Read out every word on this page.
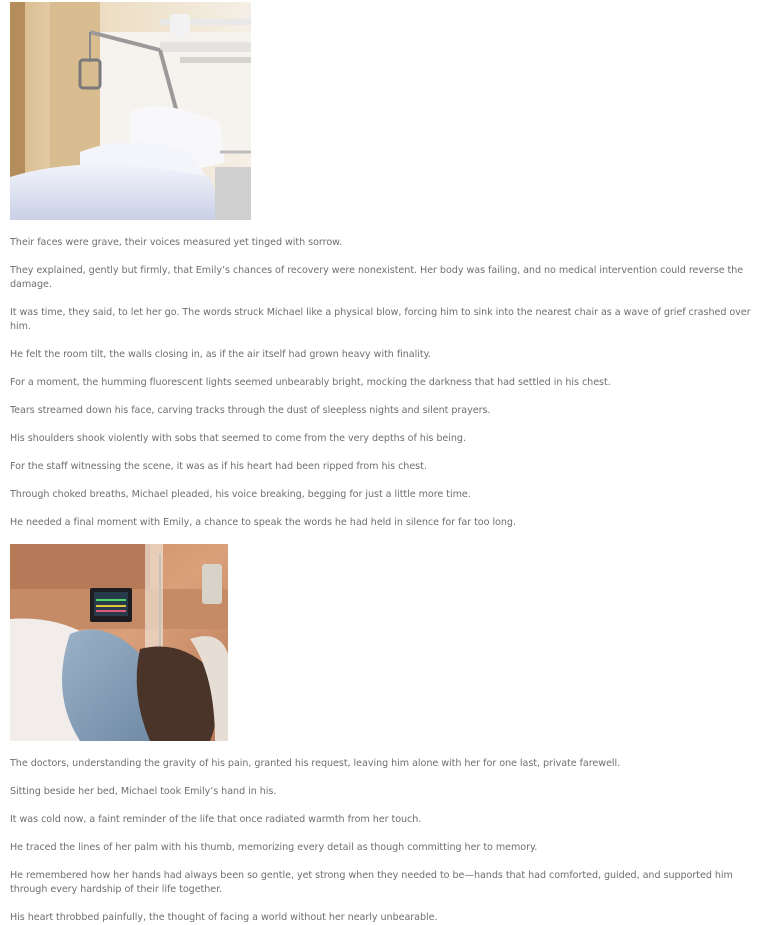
Their faces were grave, their voices measured yet tinged with sorrow.

They explained, gently but firmly, that Emily’s chances of recovery were nonexistent. Her body was failing, and no medical intervention could reverse the damage.

It was time, they said, to let her go. The words struck Michael like a physical blow, forcing him to sink into the nearest chair as a wave of grief crashed over him.

He felt the room tilt, the walls closing in, as if the air itself had grown heavy with finality.

For a moment, the humming fluorescent lights seemed unbearably bright, mocking the darkness that had settled in his chest.

Tears streamed down his face, carving tracks through the dust of sleepless nights and silent prayers.

His shoulders shook violently with sobs that seemed to come from the very depths of his being.

For the staff witnessing the scene, it was as if his heart had been ripped from his chest.

Through choked breaths, Michael pleaded, his voice breaking, begging for just a little more time.

He needed a final moment with Emily, a chance to speak the words he had held in silence for far too long.

The doctors, understanding the gravity of his pain, granted his request, leaving him alone with her for one last, private farewell.

Sitting beside her bed, Michael took Emily’s hand in his.

It was cold now, a faint reminder of the life that once radiated warmth from her touch.

He traced the lines of her palm with his thumb, memorizing every detail as though committing her to memory.

He remembered how her hands had always been so gentle, yet strong when they needed to be—hands that had comforted, guided, and supported him through every hardship of their life together.

His heart throbbed painfully, the thought of facing a world without her nearly unbearable.
